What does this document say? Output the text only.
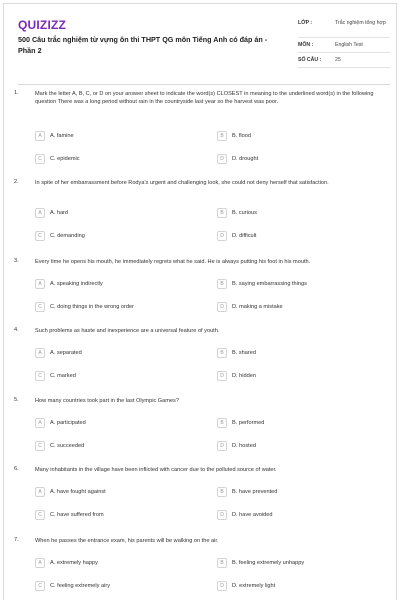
QUIZIZZ
500 Câu trắc nghiệm từ vựng ôn thi THPT QG môn Tiếng Anh có đáp án - Phần 2
LỚP :	Trắc nghiệm tổng hợp
MÔN :	English Test
SỐ CÂU :	25
1.	Mark the letter A, B, C, or D on your answer sheet to indicate the word(s) CLOSEST in meaning to the underlined word(s) in the following question There was a long period without rain in the countryside last year so the harvest was poor.
A	A. famine	B	B. flood
C	C. epidemic	D	D. drought
2.	In spite of her embarrassment before Rodya's urgent and challenging look, she could not deny herself that satisfaction.
A	A. hard	B	B. curious
C	C. demanding	D	D. difficult
3.	Every time he opens his mouth, he immediately regrets what he said. He is always putting his foot in his mouth.
A	A. speaking indirectly	B	B. saying embarrassing things
C	C. doing things in the wrong order	D	D. making a mistake
4.	Such problems as haste and inexperience are a universal feature of youth.
A	A. separated	B	B. shared
C	C. marked	D	D. hidden
5.	How many countries took part in the last Olympic Games?
A	A. participated	B	B. performed
C	C. succeeded	D	D. hosted
6.	Many inhabitants in the village have been inflicted with cancer due to the polluted source of water.
A	A. have fought against	B	B. have prevented
C	C. have suffered from	D	D. have avoided
7.	When he passes the entrance exam, his parents will be walking on the air.
A	A. extremely happy	B	B. feeling extremely unhappy
C	C. feeling extremely airy	D	D. extremely light
